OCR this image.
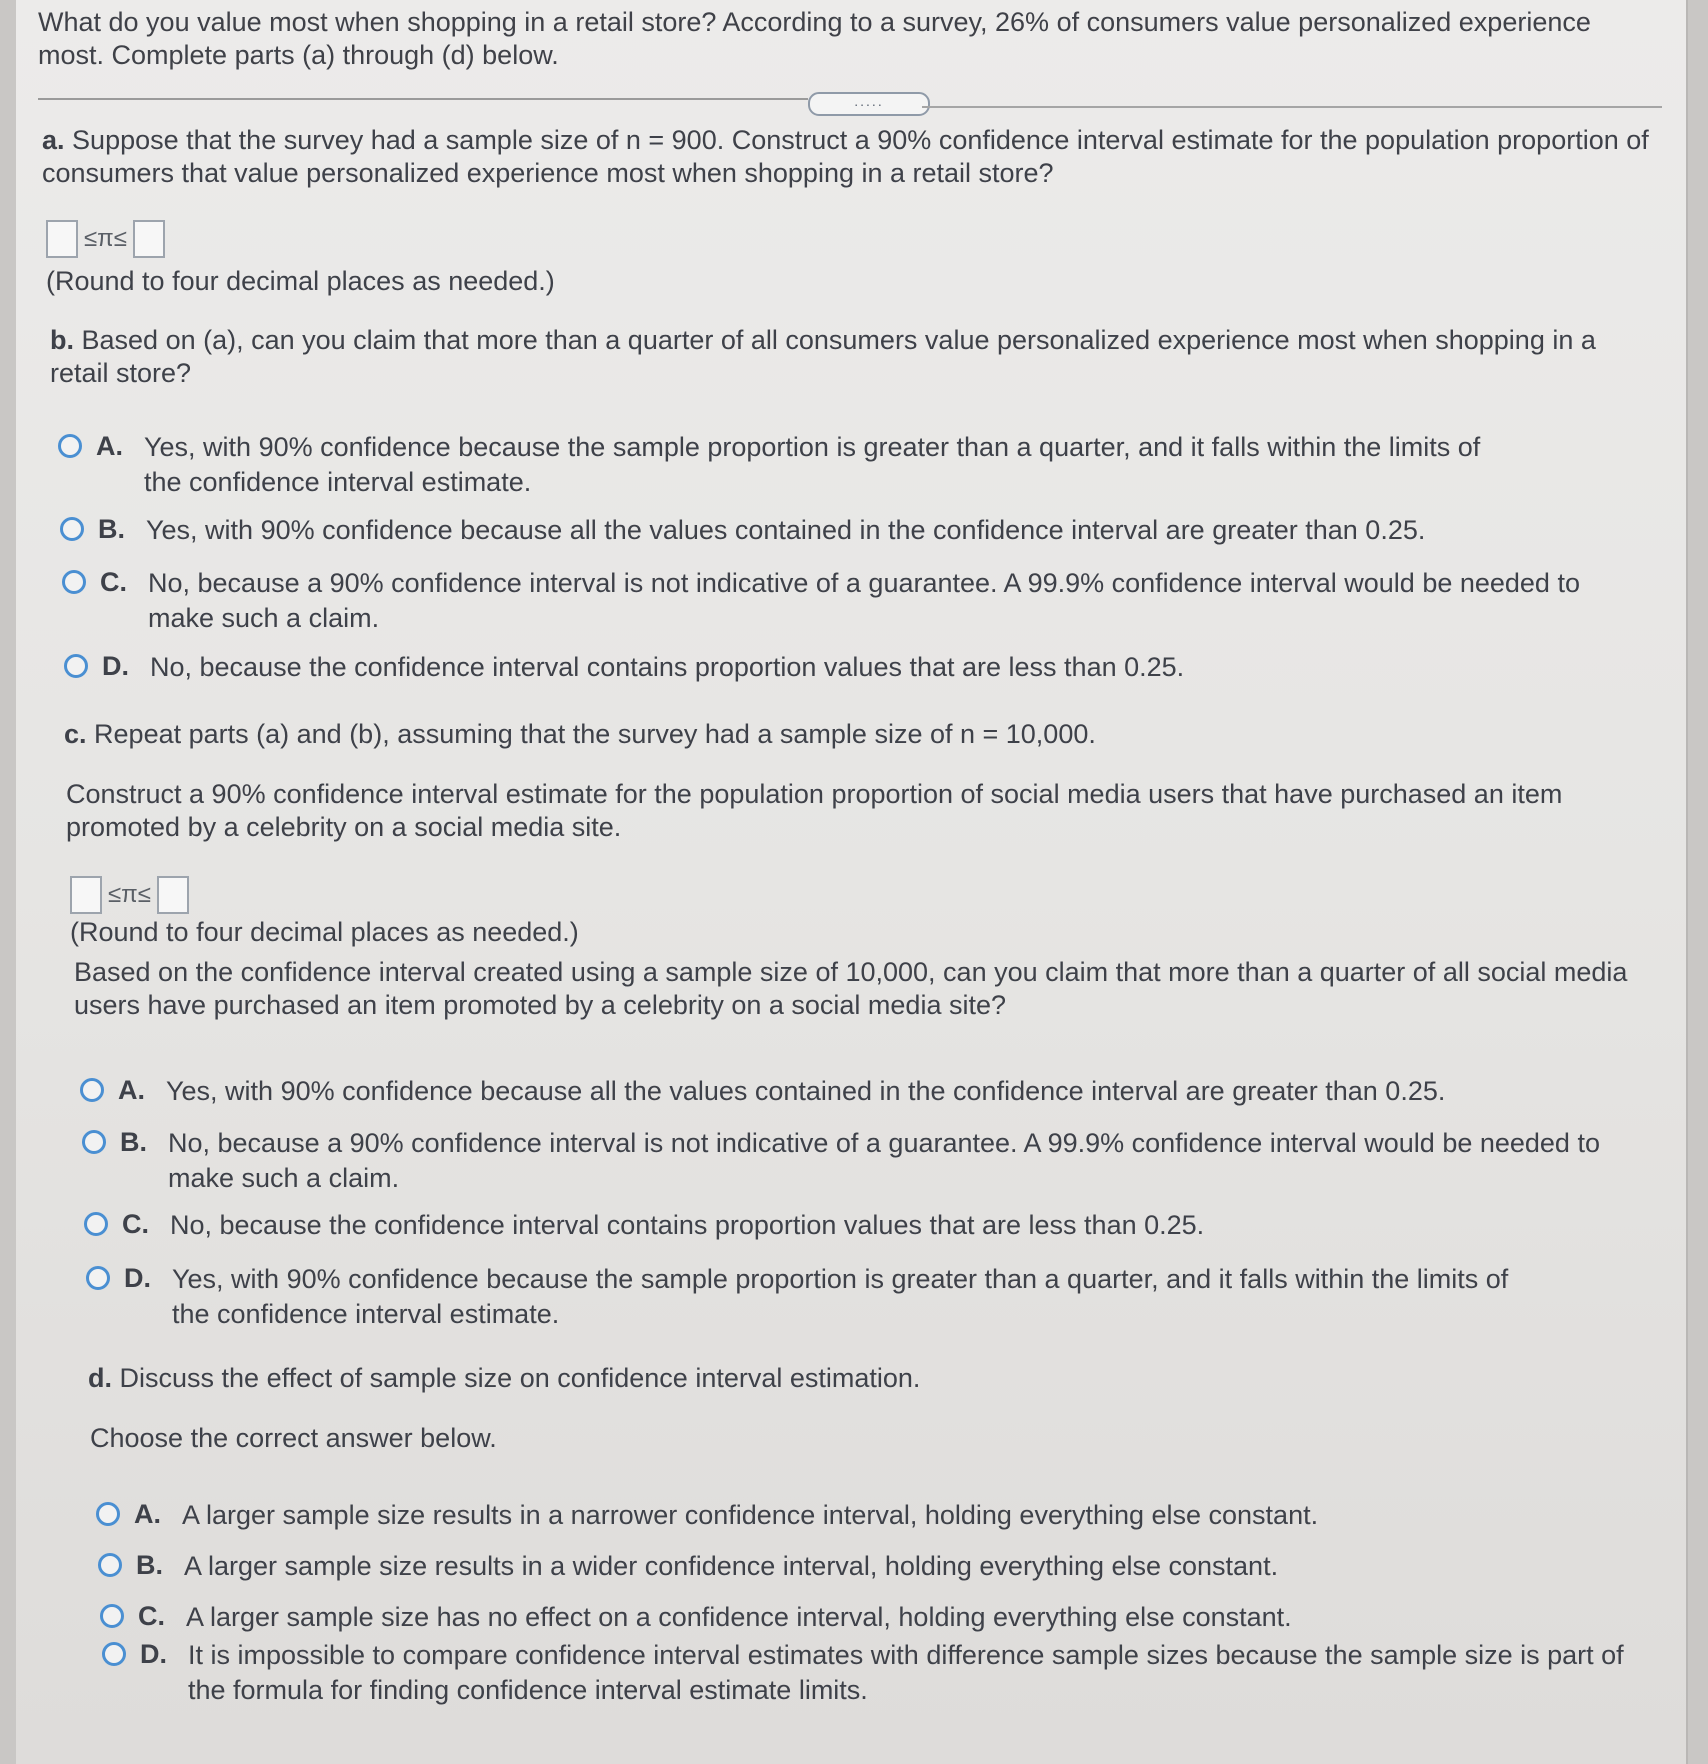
What do you value most when shopping in a retail store? According to a survey, 26% of consumers value personalized experience most. Complete parts (a) through (d) below.
.....
a. Suppose that the survey had a sample size of n = 900. Construct a 90% confidence interval estimate for the population proportion of consumers that value personalized experience most when shopping in a retail store?
≤π≤
(Round to four decimal places as needed.)
b. Based on (a), can you claim that more than a quarter of all consumers value personalized experience most when shopping in a retail store?
A. Yes, with 90% confidence because the sample proportion is greater than a quarter, and it falls within the limits of the confidence interval estimate.
B. Yes, with 90% confidence because all the values contained in the confidence interval are greater than 0.25.
C. No, because a 90% confidence interval is not indicative of a guarantee. A 99.9% confidence interval would be needed to make such a claim.
D. No, because the confidence interval contains proportion values that are less than 0.25.
c. Repeat parts (a) and (b), assuming that the survey had a sample size of n = 10,000.
Construct a 90% confidence interval estimate for the population proportion of social media users that have purchased an item promoted by a celebrity on a social media site.
≤π≤
(Round to four decimal places as needed.)
Based on the confidence interval created using a sample size of 10,000, can you claim that more than a quarter of all social media users have purchased an item promoted by a celebrity on a social media site?
A. Yes, with 90% confidence because all the values contained in the confidence interval are greater than 0.25.
B. No, because a 90% confidence interval is not indicative of a guarantee. A 99.9% confidence interval would be needed to make such a claim.
C. No, because the confidence interval contains proportion values that are less than 0.25.
D. Yes, with 90% confidence because the sample proportion is greater than a quarter, and it falls within the limits of the confidence interval estimate.
d. Discuss the effect of sample size on confidence interval estimation.
Choose the correct answer below.
A. A larger sample size results in a narrower confidence interval, holding everything else constant.
B. A larger sample size results in a wider confidence interval, holding everything else constant.
C. A larger sample size has no effect on a confidence interval, holding everything else constant.
D. It is impossible to compare confidence interval estimates with difference sample sizes because the sample size is part of the formula for finding confidence interval estimate limits.
